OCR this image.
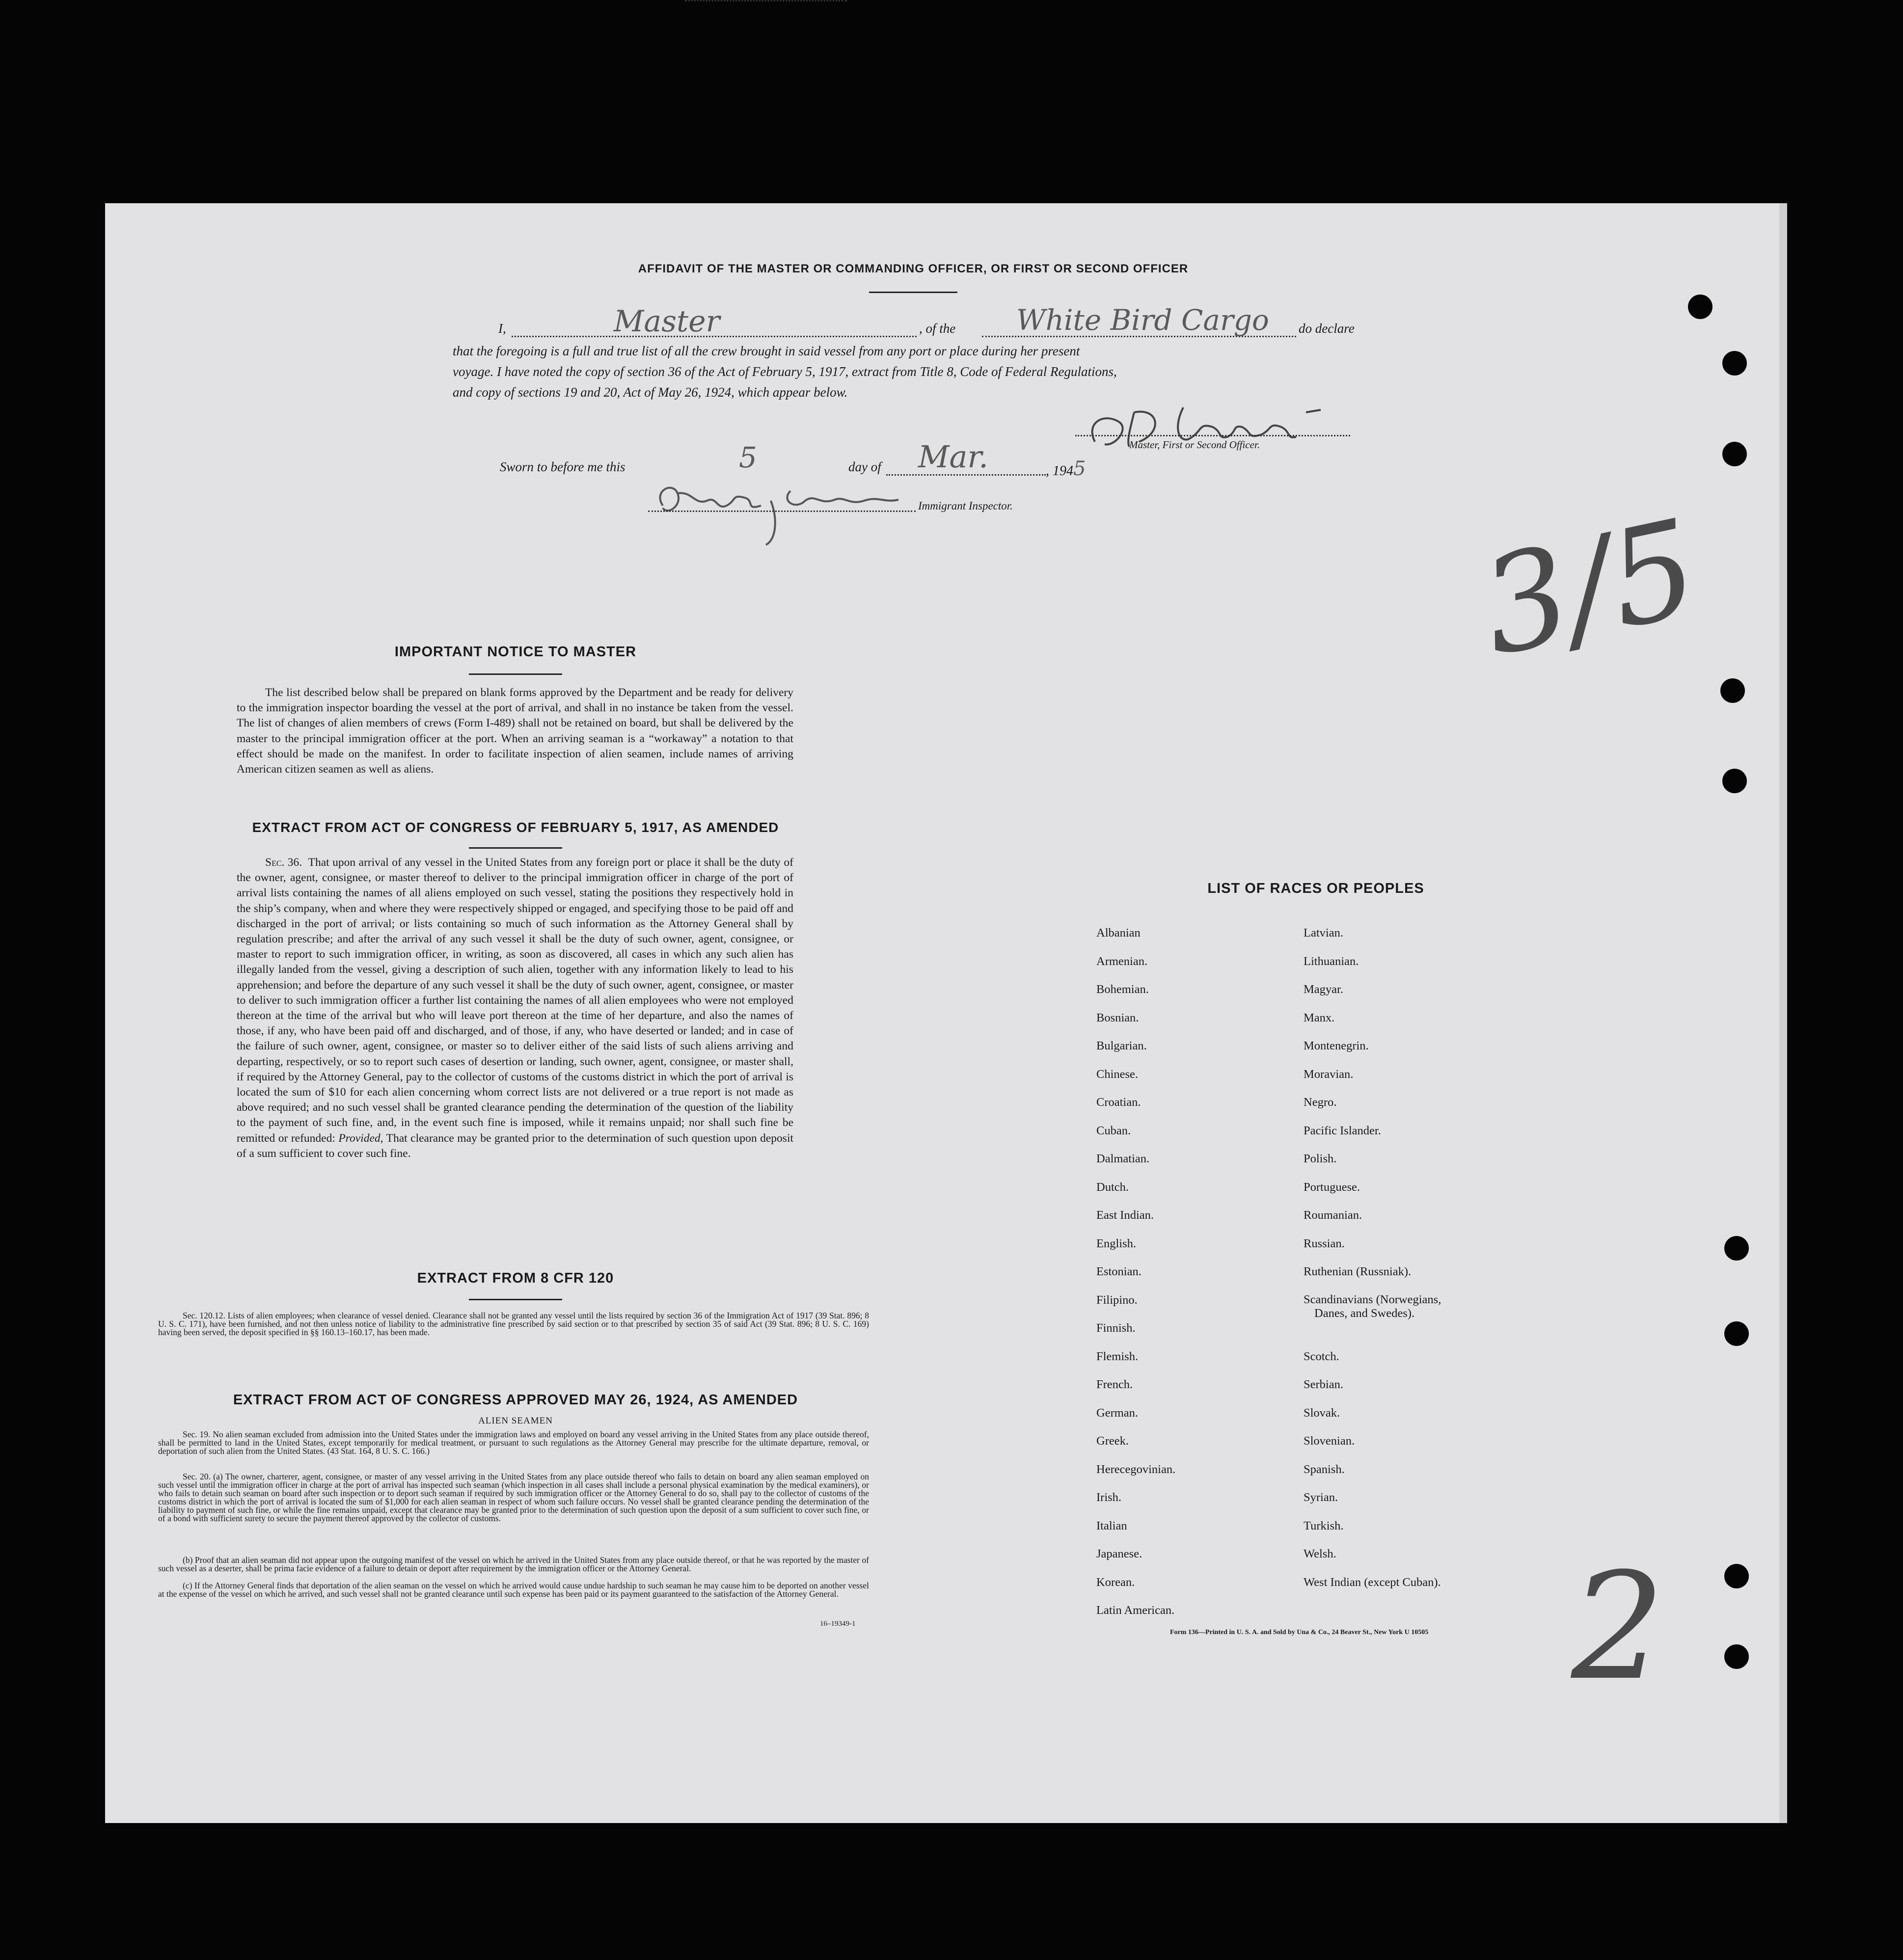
AFFIDAVIT OF THE MASTER OR COMMANDING OFFICER, OR FIRST OR SECOND OFFICER
I,	Master	, of the White Bird Cargo do declare
that the foregoing is a full and true list of all the crew brought in said vessel from any port or place during her present
voyage. I have noted the copy of section 36 of the Act of February 5, 1917, extract from Title 8, Code of Federal Regulations,
and copy of sections 19 and 20, Act of May 26, 1924, which appear below.
Master, First or Second Officer.
Sworn to before me this	5	day of Mar.	, 1945
Immigrant Inspector.	3/5
IMPORTANT NOTICE TO MASTER
The list described below shall be prepared on blank forms approved by the Department and be ready for delivery to the immigration inspector boarding the vessel at the port of arrival, and shall in no instance be taken from the vessel. The list of changes of alien members of crews (Form I-489) shall not be retained on board, but shall be delivered by the master to the principal immigration officer at the port. When an arriving seaman is a “workaway” a notation to that effect should be made on the manifest. In order to facilitate inspection of alien seamen, include names of arriving American citizen seamen as well as aliens.
EXTRACT FROM ACT OF CONGRESS OF FEBRUARY 5, 1917, AS AMENDED
Sec. 36. That upon arrival of any vessel in the United States from any foreign port or place it shall be the duty of the owner, agent, consignee, or master thereof to deliver to the principal immigration officer in charge of the port of arrival lists containing the names of all aliens employed on such vessel, stating the positions they respectively hold in the ship’s company, when and where they were respectively shipped or engaged, and specifying those to be paid off and discharged in the port of arrival; or lists containing so much of such information as the Attorney General shall by regulation prescribe; and after the arrival of any such vessel it shall be the duty of such owner, agent, consignee, or master to report to such immigration officer, in writing, as soon as discovered, all cases in which any such alien has illegally landed from the vessel, giving a description of such alien, together with any information likely to lead to his apprehension; and before the departure of any such vessel it shall be the duty of such owner, agent, consignee, or master to deliver to such immigration officer a further list containing the names of all alien employees who were not employed thereon at the time of the arrival but who will leave port thereon at the time of her departure, and also the names of those, if any, who have been paid off and discharged, and of those, if any, who have deserted or landed; and in case of the failure of such owner, agent, consignee, or master so to deliver either of the said lists of such aliens arriving and departing, respectively, or so to report such cases of desertion or landing, such owner, agent, consignee, or master shall, if required by the Attorney General, pay to the collector of customs of the customs district in which the port of arrival is located the sum of $10 for each alien concerning whom correct lists are not delivered or a true report is not made as above required; and no such vessel shall be granted clearance pending the determination of the question of the liability to the payment of such fine, and, in the event such fine is imposed, while it remains unpaid; nor shall such fine be remitted or refunded: Provided, That clearance may be granted prior to the determination of such question upon deposit of a sum sufficient to cover such fine.
EXTRACT FROM 8 CFR 120
Sec. 120.12. Lists of alien employees; when clearance of vessel denied. Clearance shall not be granted any vessel until the lists required by section 36 of the Immigration Act of 1917 (39 Stat. 896; 8 U. S. C. 171), have been furnished, and not then unless notice of liability to the administrative fine prescribed by said section or to that prescribed by section 35 of said Act (39 Stat. 896; 8 U. S. C. 169) having been served, the deposit specified in §§ 160.13–160.17, has been made.
EXTRACT FROM ACT OF CONGRESS APPROVED MAY 26, 1924, AS AMENDED
ALIEN SEAMEN
Sec. 19. No alien seaman excluded from admission into the United States under the immigration laws and employed on board any vessel arriving in the United States from any place outside thereof, shall be permitted to land in the United States, except temporarily for medical treatment, or pursuant to such regulations as the Attorney General may prescribe for the ultimate departure, removal, or deportation of such alien from the United States. (43 Stat. 164, 8 U. S. C. 166.)
Sec. 20. (a) The owner, charterer, agent, consignee, or master of any vessel arriving in the United States from any place outside thereof who fails to detain on board any alien seaman employed on such vessel until the immigration officer in charge at the port of arrival has inspected such seaman (which inspection in all cases shall include a personal physical examination by the medical examiners), or who fails to detain such seaman on board after such inspection or to deport such seaman if required by such immigration officer or the Attorney General to do so, shall pay to the collector of customs of the customs district in which the port of arrival is located the sum of $1,000 for each alien seaman in respect of whom such failure occurs. No vessel shall be granted clearance pending the determination of the liability to payment of such fine, or while the fine remains unpaid, except that clearance may be granted prior to the determination of such question upon the deposit of a sum sufficient to cover such fine, or of a bond with sufficient surety to secure the payment thereof approved by the collector of customs.
(b) Proof that an alien seaman did not appear upon the outgoing manifest of the vessel on which he arrived in the United States from any place outside thereof, or that he was reported by the master of such vessel as a deserter, shall be prima facie evidence of a failure to detain or deport after requirement by the immigration officer or the Attorney General.
(c) If the Attorney General finds that deportation of the alien seaman on the vessel on which he arrived would cause undue hardship to such seaman he may cause him to be deported on another vessel at the expense of the vessel on which he arrived, and such vessel shall not be granted clearance until such expense has been paid or its payment guaranteed to the satisfaction of the Attorney General.
16–19349-1
LIST OF RACES OR PEOPLES
Albanian
Armenian.
Bohemian.
Bosnian.
Bulgarian.
Chinese.
Croatian.
Cuban.
Dalmatian.
Dutch.
East Indian.
English.
Estonian.
Filipino.
Finnish.
Flemish.
French.
German.
Greek.
Herecegovinian.
Irish.
Italian
Japanese.
Korean.
Latin American.
Latvian.
Lithuanian.
Magyar.
Manx.
Montenegrin.
Moravian.
Negro.
Pacific Islander.
Polish.
Portuguese.
Roumanian.
Russian.
Ruthenian (Russniak).
Scandinavians (Norwegians,
Danes, and Swedes).
Scotch.
Serbian.
Slovak.
Slovenian.
Spanish.
Syrian.
Turkish.
Welsh.
West Indian (except Cuban).
Form 136—Printed in U. S. A. and Sold by Una & Co., 24 Beaver St., New York U 10505 2
